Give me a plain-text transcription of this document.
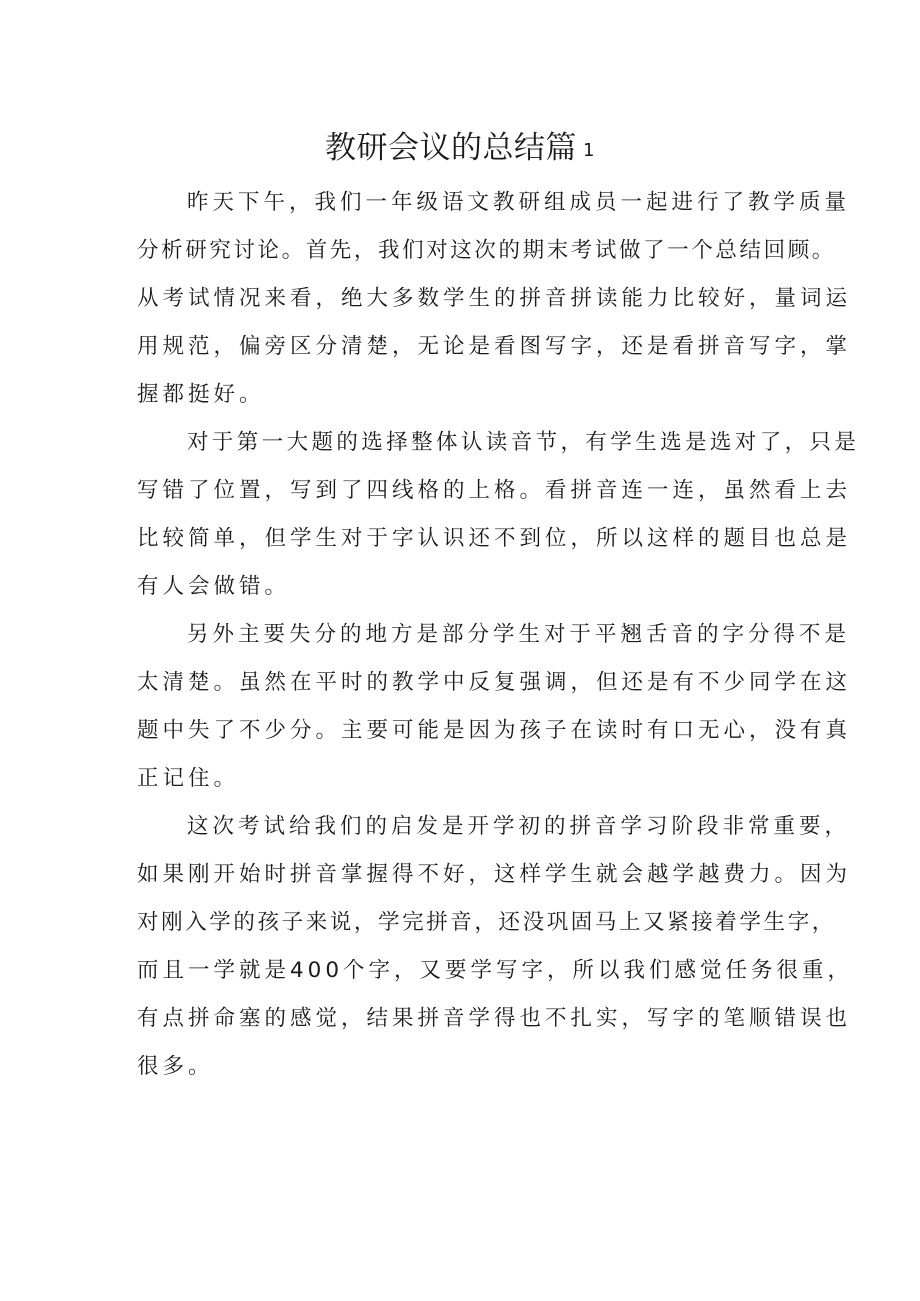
教研会议的总结篇 1
昨天下午，我们一年级语文教研组成员一起进行了教学质量
分析研究讨论。首先，我们对这次的期末考试做了一个总结回顾。
从考试情况来看，绝大多数学生的拼音拼读能力比较好，量词运
用规范，偏旁区分清楚，无论是看图写字，还是看拼音写字，掌
握都挺好。
对于第一大题的选择整体认读音节，有学生选是选对了，只是
写错了位置，写到了四线格的上格。看拼音连一连，虽然看上去
比较简单，但学生对于字认识还不到位，所以这样的题目也总是
有人会做错。
另外主要失分的地方是部分学生对于平翘舌音的字分得不是
太清楚。虽然在平时的教学中反复强调，但还是有不少同学在这
题中失了不少分。主要可能是因为孩子在读时有口无心，没有真
正记住。
这次考试给我们的启发是开学初的拼音学习阶段非常重要，
如果刚开始时拼音掌握得不好，这样学生就会越学越费力。因为
对刚入学的孩子来说，学完拼音，还没巩固马上又紧接着学生字，
而且一学就是400个字，又要学写字，所以我们感觉任务很重，
有点拼命塞的感觉，结果拼音学得也不扎实，写字的笔顺错误也
很多。
